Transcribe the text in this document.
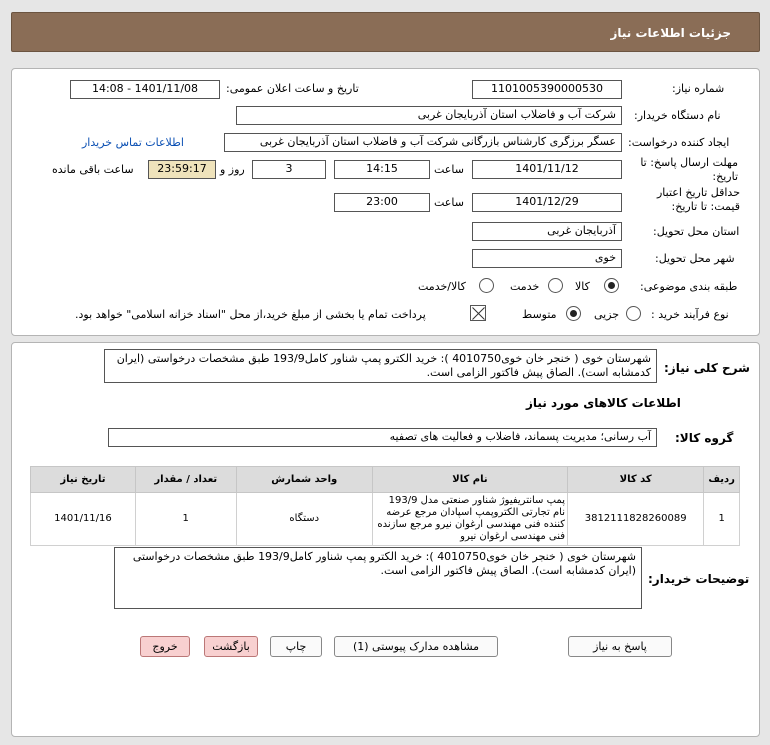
جزئیات اطلاعات نیاز
شماره نیاز:
1101005390000530
تاریخ و ساعت اعلان عمومی:
1401/11/08 - 14:08
نام دستگاه خریدار:
شرکت آب و فاضلاب استان آذربایجان غربی
ایجاد کننده درخواست:
عسگر برزگری کارشناس بازرگانی شرکت آب و فاضلاب استان آذربایجان غربی
اطلاعات تماس خریدار
مهلت ارسال پاسخ: تا تاریخ:
1401/11/12
ساعت
14:15
3
روز و
23:59:17
ساعت باقی مانده
حداقل تاریخ اعتبار قیمت: تا تاریخ:
1401/12/29
ساعت
23:00
استان محل تحویل:
آذربایجان غربی
شهر محل تحویل:
خوی
طبقه بندی موضوعی:
کالا
خدمت
کالا/خدمت
نوع فرآیند خرید :
جزیی
متوسط
پرداخت تمام یا بخشی از مبلغ خرید،از محل "اسناد خزانه اسلامی" خواهد بود.
شرح کلی نیاز:
شهرستان خوی ( خنجر خان خوی4010750 ): خرید الکترو پمپ شناور کامل193/9 طبق مشخصات درخواستی (ایران کدمشابه است). الصاق پیش فاکتور الزامی است.
اطلاعات کالاهای مورد نیاز
گروه کالا:
آب رسانی؛ مدیریت پسماند، فاضلاب و فعالیت های تصفیه
ردیف	کد کالا	نام کالا	واحد شمارش	تعداد / مقدار	تاریخ نیاز
1	3812111828260089	پمپ سانتریفیوژ شناور صنعتی مدل 193/9 نام تجارتی الکتروپمپ اسپادان مرجع عرضه کننده فنی مهندسی ارغوان نیرو مرجع سازنده فنی مهندسی ارغوان نیرو	دستگاه	1	1401/11/16
توضیحات خریدار:
شهرستان خوی ( خنجر خان خوی4010750 ): خرید الکترو پمپ شناور کامل193/9 طبق مشخصات درخواستی (ایران کدمشابه است). الصاق پیش فاکتور الزامی است.
پاسخ به نیاز
مشاهده مدارک پیوستی (1)
چاپ
بازگشت
خروج
